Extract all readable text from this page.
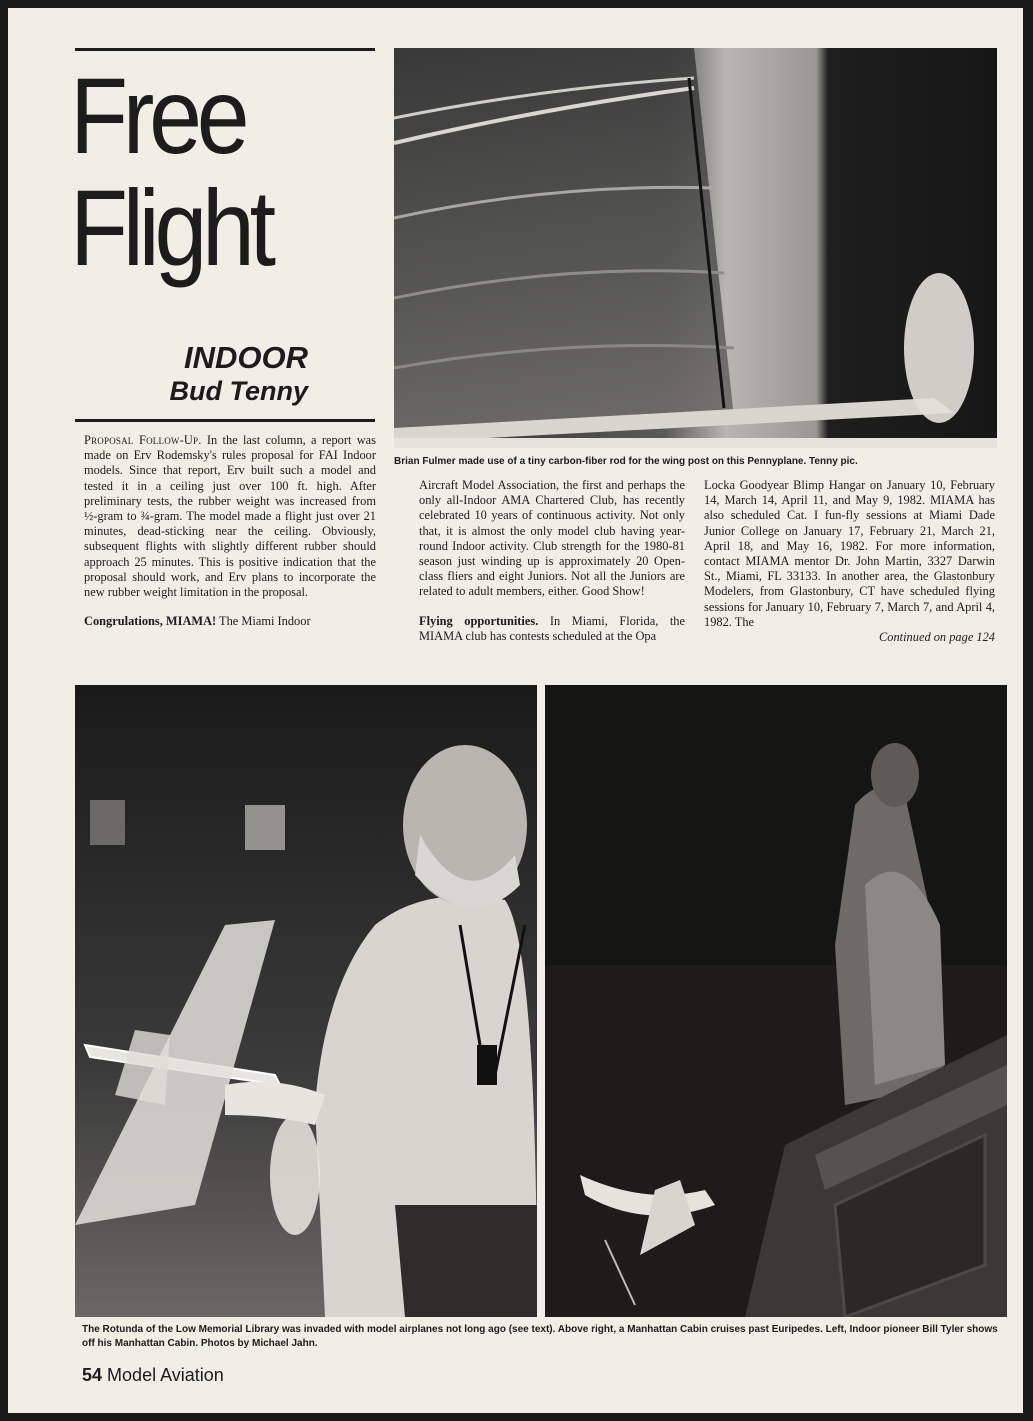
Free
Flight
INDOOR
Bud Tenny
Brian Fulmer made use of a tiny carbon-fiber rod for the wing post on this Pennyplane. Tenny pic.

Proposal Follow-Up. In the last column, a report was made on Erv Rodemsky's rules proposal for FAI Indoor models. Since that report, Erv built such a model and tested it in a ceiling just over 100 ft. high. After preliminary tests, the rubber weight was increased from ½-gram to ¾-gram. The model made a flight just over 21 minutes, dead-sticking near the ceiling. Obviously, subsequent flights with slightly different rubber should approach 25 minutes. This is positive indication that the proposal should work, and Erv plans to incorporate the new rubber weight limitation in the proposal.

Congrulations, MIAMA! The Miami Indoor

Aircraft Model Association, the first and perhaps the only all-Indoor AMA Chartered Club, has recently celebrated 10 years of continuous activity. Not only that, it is almost the only model club having year-round Indoor activity. Club strength for the 1980-81 season just winding up is approximately 20 Open-class fliers and eight Juniors. Not all the Juniors are related to adult members, either. Good Show!

Flying opportunities. In Miami, Florida, the MIAMA club has contests scheduled at the Opa

Locka Goodyear Blimp Hangar on January 10, February 14, March 14, April 11, and May 9, 1982. MIAMA has also scheduled Cat. I fun-fly sessions at Miami Dade Junior College on January 17, February 21, March 21, April 18, and May 16, 1982. For more information, contact MIAMA mentor Dr. John Martin, 3327 Darwin St., Miami, FL 33133. In another area, the Glastonbury Modelers, from Glastonbury, CT have scheduled flying sessions for January 10, February 7, March 7, and April 4, 1982. The

Continued on page 124
The Rotunda of the Low Memorial Library was invaded with model airplanes not long ago (see text). Above right, a Manhattan Cabin cruises past Euripedes. Left, Indoor pioneer Bill Tyler shows off his Manhattan Cabin. Photos by Michael Jahn.
54 Model Aviation
